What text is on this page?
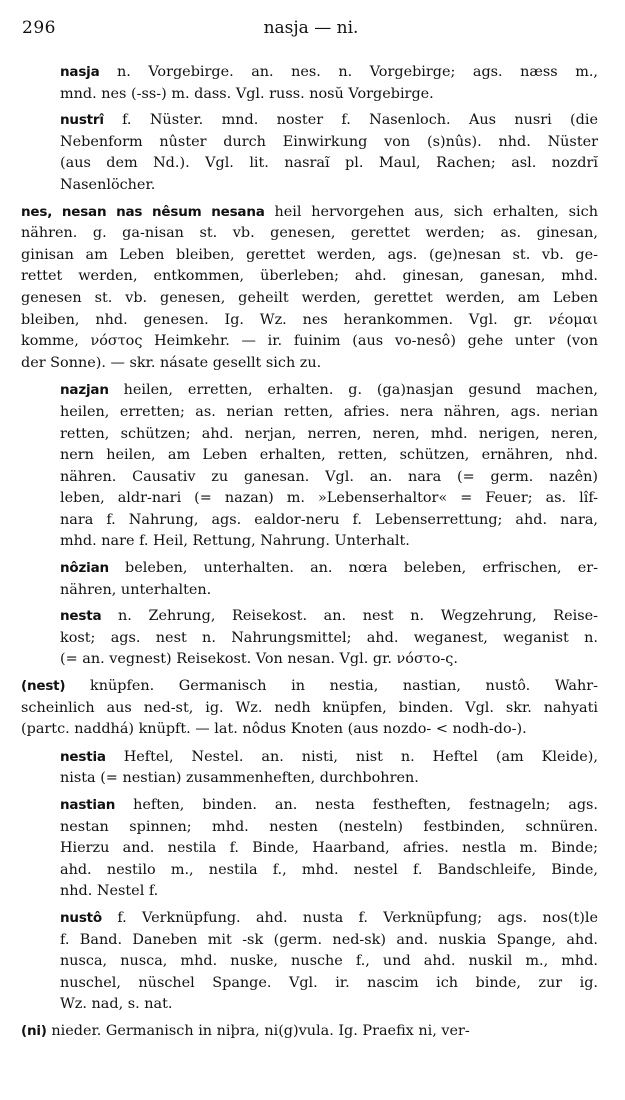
296	nasja — ni.
nasja n. Vorgebirge. an. nes. n. Vorgebirge; ags. næss m.,
mnd. nes (-ss-) m. dass. Vgl. russ. nosŭ Vorgebirge.
nustrî f. Nüster. mnd. noster f. Nasenloch. Aus nusri (die
Nebenform nûster durch Einwirkung von (s)nûs). nhd. Nüster
(aus dem Nd.). Vgl. lit. nasraĩ pl. Maul, Rachen; asl. nozdrĭ
Nasenlöcher.
nes, nesan nas nêsum nesana heil hervorgehen aus, sich erhalten, sich
nähren. g. ga-nisan st. vb. genesen, gerettet werden; as. ginesan,
ginisan am Leben bleiben, gerettet werden, ags. (ge)nesan st. vb. ge-
rettet werden, entkommen, überleben; ahd. ginesan, ganesan, mhd.
genesen st. vb. genesen, geheilt werden, gerettet werden, am Leben
bleiben, nhd. genesen. Ig. Wz. nes herankommen. Vgl. gr. νέομαι
komme, νόστος Heimkehr. — ir. fuinim (aus vo-nesô) gehe unter (von
der Sonne). — skr. násate gesellt sich zu.
nazjan heilen, erretten, erhalten. g. (ga)nasjan gesund machen,
heilen, erretten; as. nerian retten, afries. nera nähren, ags. nerian
retten, schützen; ahd. nerjan, nerren, neren, mhd. nerigen, neren,
nern heilen, am Leben erhalten, retten, schützen, ernähren, nhd.
nähren. Causativ zu ganesan. Vgl. an. nara (= germ. nazên)
leben, aldr-nari (= nazan) m. »Lebenserhaltor« = Feuer; as. lîf-
nara f. Nahrung, ags. ealdor-neru f. Lebenserrettung; ahd. nara,
mhd. nare f. Heil, Rettung, Nahrung. Unterhalt.
nôzian beleben, unterhalten. an. nœra beleben, erfrischen, er-
nähren, unterhalten.
nesta n. Zehrung, Reisekost. an. nest n. Wegzehrung, Reise-
kost; ags. nest n. Nahrungsmittel; ahd. weganest, weganist n.
(= an. vegnest) Reisekost. Von nesan. Vgl. gr. νόστο-ς.
(nest) knüpfen. Germanisch in nestia, nastian, nustô. Wahr-
scheinlich aus ned-st, ig. Wz. nedh knüpfen, binden. Vgl. skr. nahyati
(partc. naddhá) knüpft. — lat. nôdus Knoten (aus nozdo- < nodh-do-).
nestia Heftel, Nestel. an. nisti, nist n. Heftel (am Kleide),
nista (= nestian) zusammenheften, durchbohren.
nastian heften, binden. an. nesta festheften, festnageln; ags.
nestan spinnen; mhd. nesten (nesteln) festbinden, schnüren.
Hierzu and. nestila f. Binde, Haarband, afries. nestla m. Binde;
ahd. nestilo m., nestila f., mhd. nestel f. Bandschleife, Binde,
nhd. Nestel f.
nustô f. Verknüpfung. ahd. nusta f. Verknüpfung; ags. nos(t)le
f. Band. Daneben mit -sk (germ. ned-sk) and. nuskia Spange, ahd.
nusca, nusca, mhd. nuske, nusche f., und ahd. nuskil m., mhd.
nuschel, nüschel Spange. Vgl. ir. nascim ich binde, zur ig.
Wz. nad, s. nat.
(ni) nieder. Germanisch in niþra, ni(g)vula. Ig. Praefix ni, ver-
